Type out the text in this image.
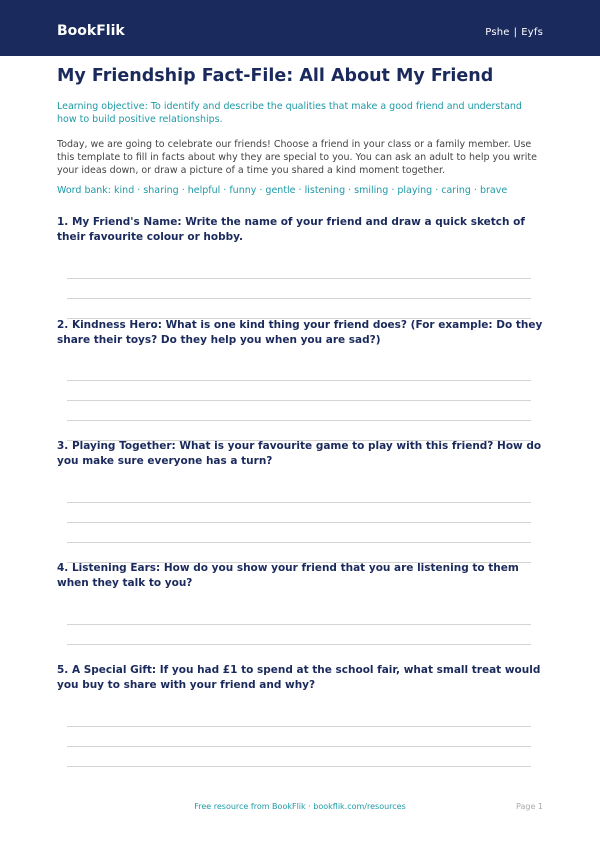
BookFlik	Pshe | Eyfs
My Friendship Fact-File: All About My Friend
Learning objective: To identify and describe the qualities that make a good friend and understand how to build positive relationships.
Today, we are going to celebrate our friends! Choose a friend in your class or a family member. Use this template to fill in facts about why they are special to you. You can ask an adult to help you write your ideas down, or draw a picture of a time you shared a kind moment together.
Word bank: kind · sharing · helpful · funny · gentle · listening · smiling · playing · caring · brave
1. My Friend's Name: Write the name of your friend and draw a quick sketch of their favourite colour or hobby.
2. Kindness Hero: What is one kind thing your friend does? (For example: Do they share their toys? Do they help you when you are sad?)
3. Playing Together: What is your favourite game to play with this friend? How do you make sure everyone has a turn?
4. Listening Ears: How do you show your friend that you are listening to them when they talk to you?
5. A Special Gift: If you had £1 to spend at the school fair, what small treat would you buy to share with your friend and why?
Free resource from BookFlik · bookflik.com/resources	Page 1
